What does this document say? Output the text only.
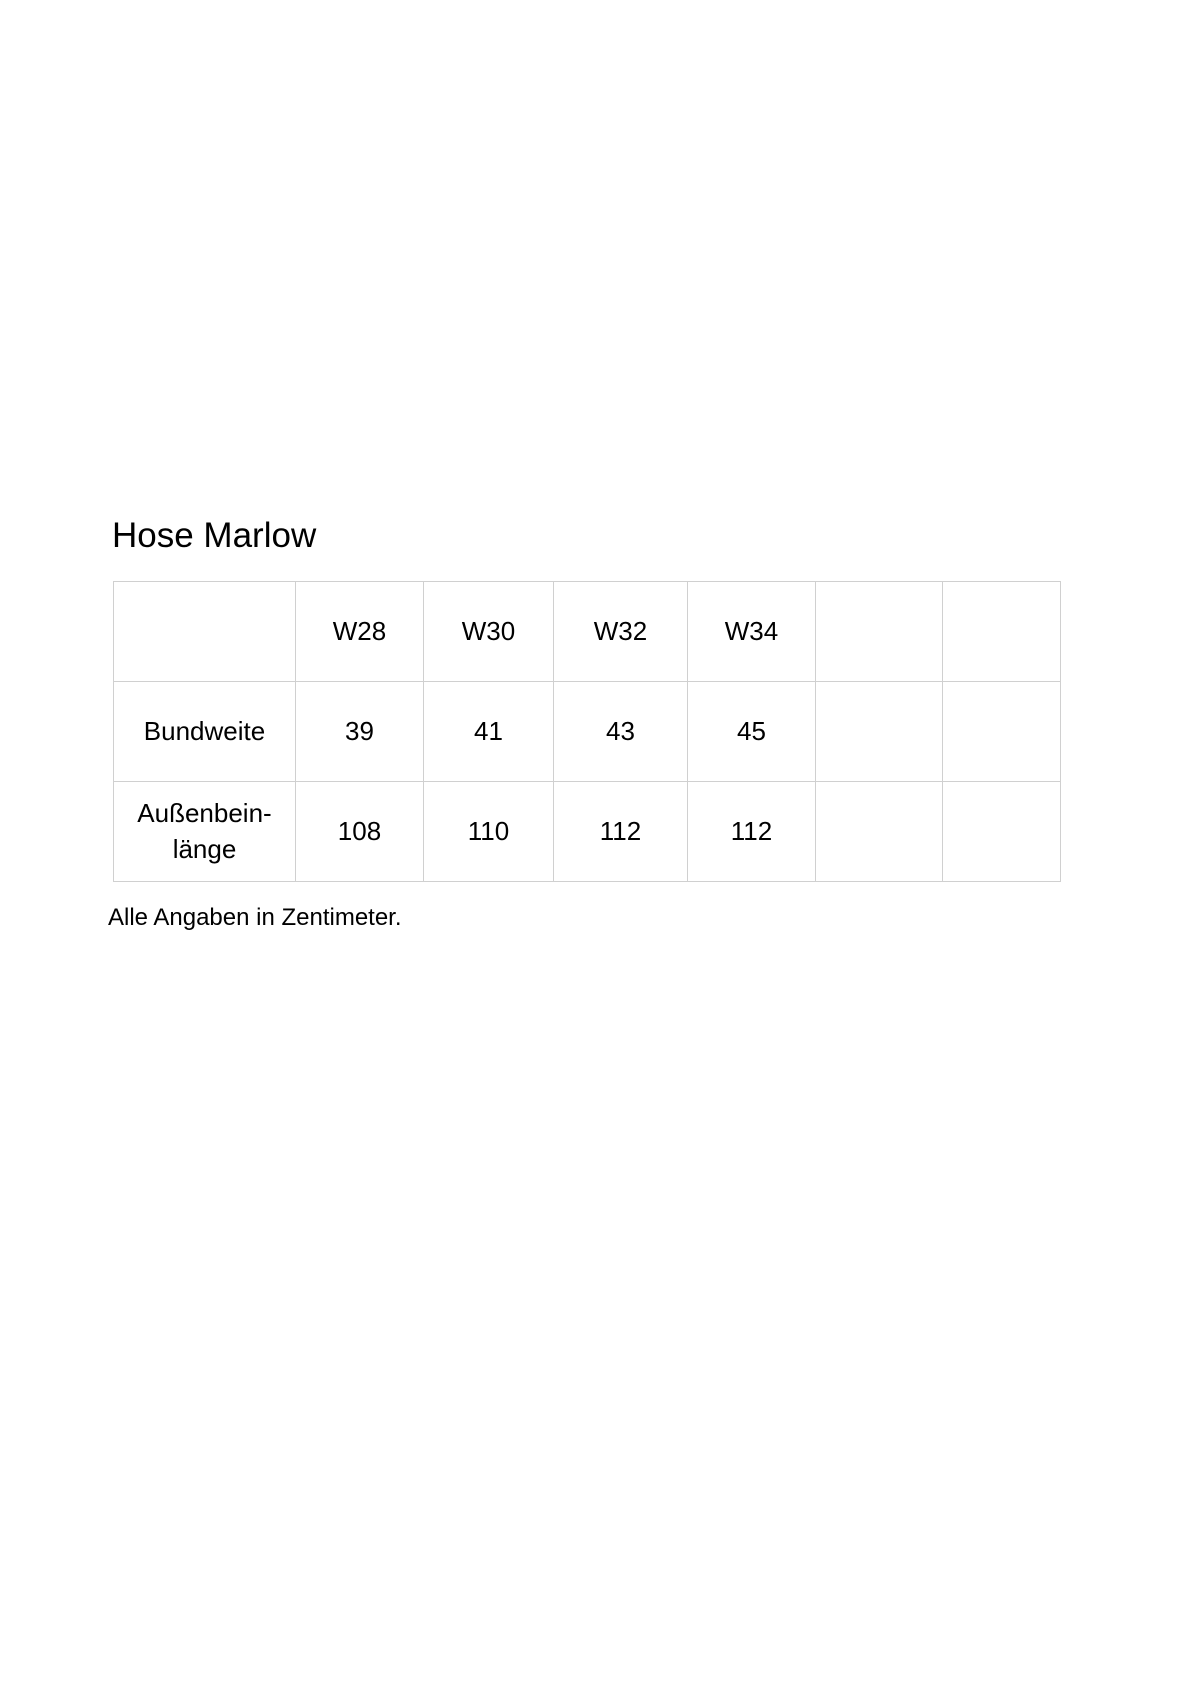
Hose Marlow
	W28	W30	W32	W34		
Bundweite	39	41	43	45		
Außenbein-länge	108	110	112	112		
Alle Angaben in Zentimeter.
